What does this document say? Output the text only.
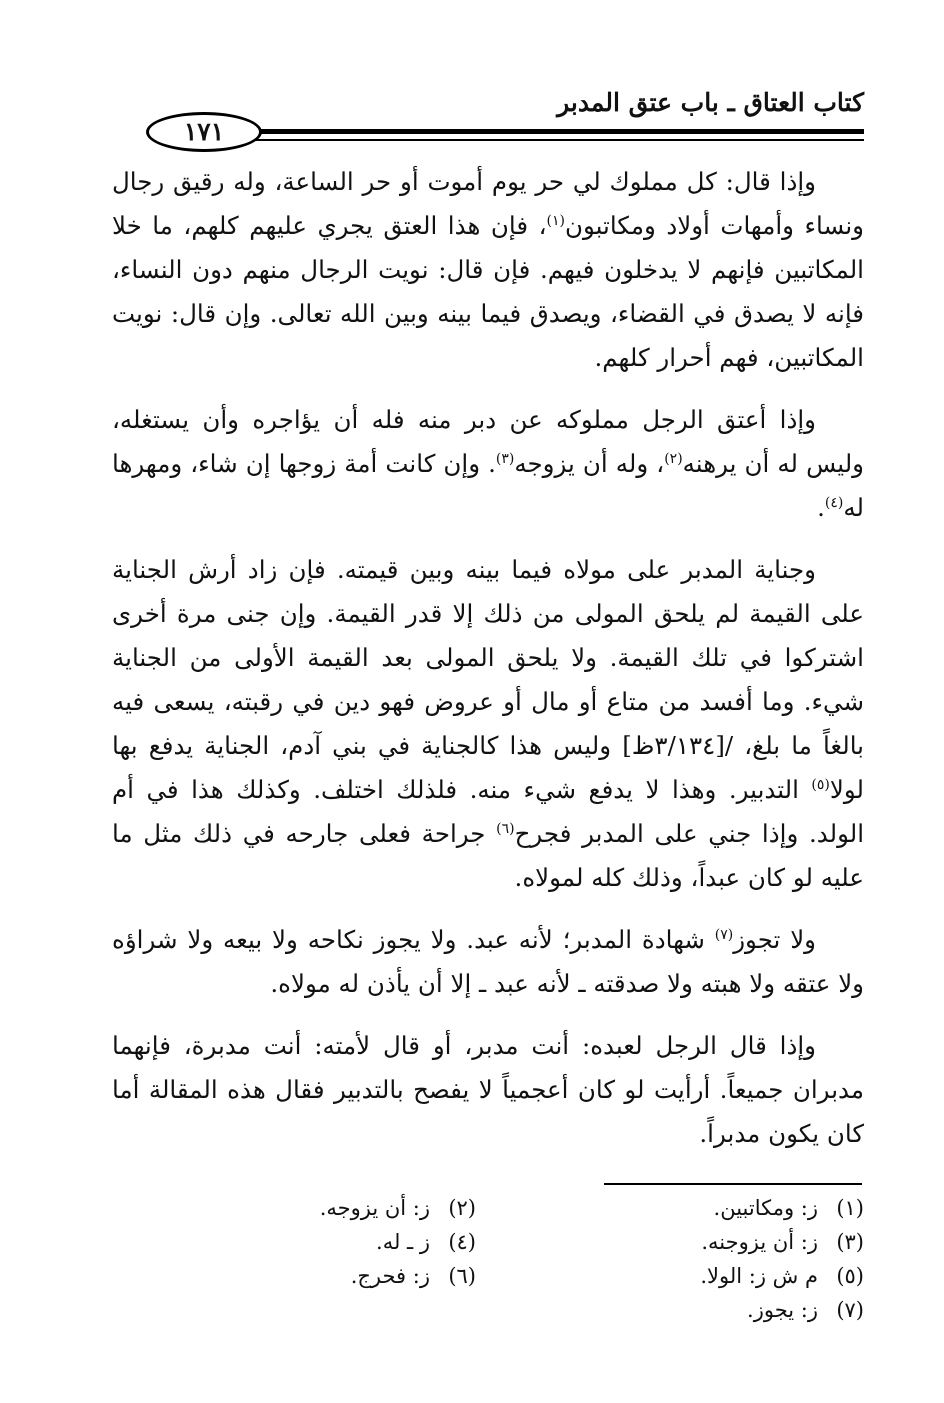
كتاب العتاق ـ باب عتق المدبر
١٧١

وإذا قال: كل مملوك لي حر يوم أموت أو حر الساعة، وله رقيق رجال ونساء وأمهات أولاد ومكاتبون$^{(١)}$، فإن هذا العتق يجري عليهم كلهم، ما خلا المكاتبين فإنهم لا يدخلون فيهم. فإن قال: نويت الرجال منهم دون النساء، فإنه لا يصدق في القضاء، ويصدق فيما بينه وبين الله تعالى. وإن قال: نويت المكاتبين، فهم أحرار كلهم.

وإذا أعتق الرجل مملوكه عن دبر منه فله أن يؤاجره وأن يستغله، وليس له أن يرهنه$^{(٢)}$، وله أن يزوجه$^{(٣)}$. وإن كانت أمة زوجها إن شاء، ومهرها له$^{(٤)}$.

وجناية المدبر على مولاه فيما بينه وبين قيمته. فإن زاد أرش الجناية على القيمة لم يلحق المولى من ذلك إلا قدر القيمة. وإن جنى مرة أخرى اشتركوا في تلك القيمة. ولا يلحق المولى بعد القيمة الأولى من الجناية شيء. وما أفسد من متاع أو مال أو عروض فهو دين في رقبته، يسعى فيه بالغاً ما بلغ، /[٣/١٣٤ظ] وليس هذا كالجناية في بني آدم، الجناية يدفع بها لولا$^{(٥)}$ التدبير. وهذا لا يدفع شيء منه. فلذلك اختلف. وكذلك هذا في أم الولد. وإذا جني على المدبر فجرح$^{(٦)}$ جراحة فعلى جارحه في ذلك مثل ما عليه لو كان عبداً، وذلك كله لمولاه.

ولا تجوز$^{(٧)}$ شهادة المدبر؛ لأنه عبد. ولا يجوز نكاحه ولا بيعه ولا شراؤه ولا عتقه ولا هبته ولا صدقته ـ لأنه عبد ـ إلا أن يأذن له مولاه.

وإذا قال الرجل لعبده: أنت مدبر، أو قال لأمته: أنت مدبرة، فإنهما مدبران جميعاً. أرأيت لو كان أعجمياً لا يفصح بالتدبير فقال هذه المقالة أما كان يكون مدبراً.

(١)ز: ومكاتبين.
(٢)ز: أن يزوجه.
(٣)ز: أن يزوجنه.
(٤)ز ـ له.
(٥)م ش ز: الولا.
(٦)ز: فحرج.
(٧)ز: يجوز.
